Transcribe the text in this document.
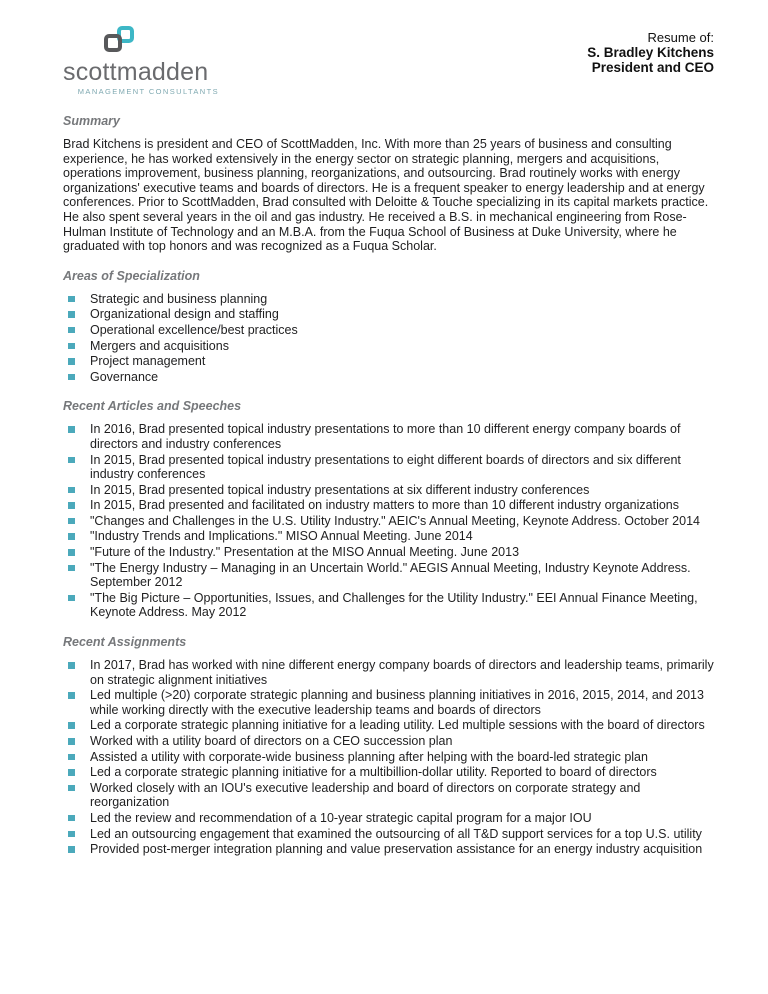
scottmadden
MANAGEMENT CONSULTANTS
Resume of:
S. Bradley Kitchens
President and CEO
Summary

Brad Kitchens is president and CEO of ScottMadden, Inc. With more than 25 years of business and consulting experience, he has worked extensively in the energy sector on strategic planning, mergers and acquisitions, operations improvement, business planning, reorganizations, and outsourcing. Brad routinely works with energy organizations' executive teams and boards of directors. He is a frequent speaker to energy leadership and at energy conferences. Prior to ScottMadden, Brad consulted with Deloitte & Touche specializing in its capital markets practice. He also spent several years in the oil and gas industry. He received a B.S. in mechanical engineering from Rose-Hulman Institute of Technology and an M.B.A. from the Fuqua School of Business at Duke University, where he graduated with top honors and was recognized as a Fuqua Scholar.

Areas of Specialization
Strategic and business planning
Organizational design and staffing
Operational excellence/best practices
Mergers and acquisitions
Project management
Governance
Recent Articles and Speeches
In 2016, Brad presented topical industry presentations to more than 10 different energy company boards of directors and industry conferences
In 2015, Brad presented topical industry presentations to eight different boards of directors and six different industry conferences
In 2015, Brad presented topical industry presentations at six different industry conferences
In 2015, Brad presented and facilitated on industry matters to more than 10 different industry organizations
"Changes and Challenges in the U.S. Utility Industry." AEIC's Annual Meeting, Keynote Address. October 2014
"Industry Trends and Implications." MISO Annual Meeting. June 2014
"Future of the Industry." Presentation at the MISO Annual Meeting. June 2013
"The Energy Industry – Managing in an Uncertain World." AEGIS Annual Meeting, Industry Keynote Address. September 2012
"The Big Picture – Opportunities, Issues, and Challenges for the Utility Industry." EEI Annual Finance Meeting, Keynote Address. May 2012
Recent Assignments
In 2017, Brad has worked with nine different energy company boards of directors and leadership teams, primarily on strategic alignment initiatives
Led multiple (>20) corporate strategic planning and business planning initiatives in 2016, 2015, 2014, and 2013 while working directly with the executive leadership teams and boards of directors
Led a corporate strategic planning initiative for a leading utility. Led multiple sessions with the board of directors
Worked with a utility board of directors on a CEO succession plan
Assisted a utility with corporate-wide business planning after helping with the board-led strategic plan
Led a corporate strategic planning initiative for a multibillion-dollar utility. Reported to board of directors
Worked closely with an IOU's executive leadership and board of directors on corporate strategy and reorganization
Led the review and recommendation of a 10-year strategic capital program for a major IOU
Led an outsourcing engagement that examined the outsourcing of all T&D support services for a top U.S. utility
Provided post-merger integration planning and value preservation assistance for an energy industry acquisition
